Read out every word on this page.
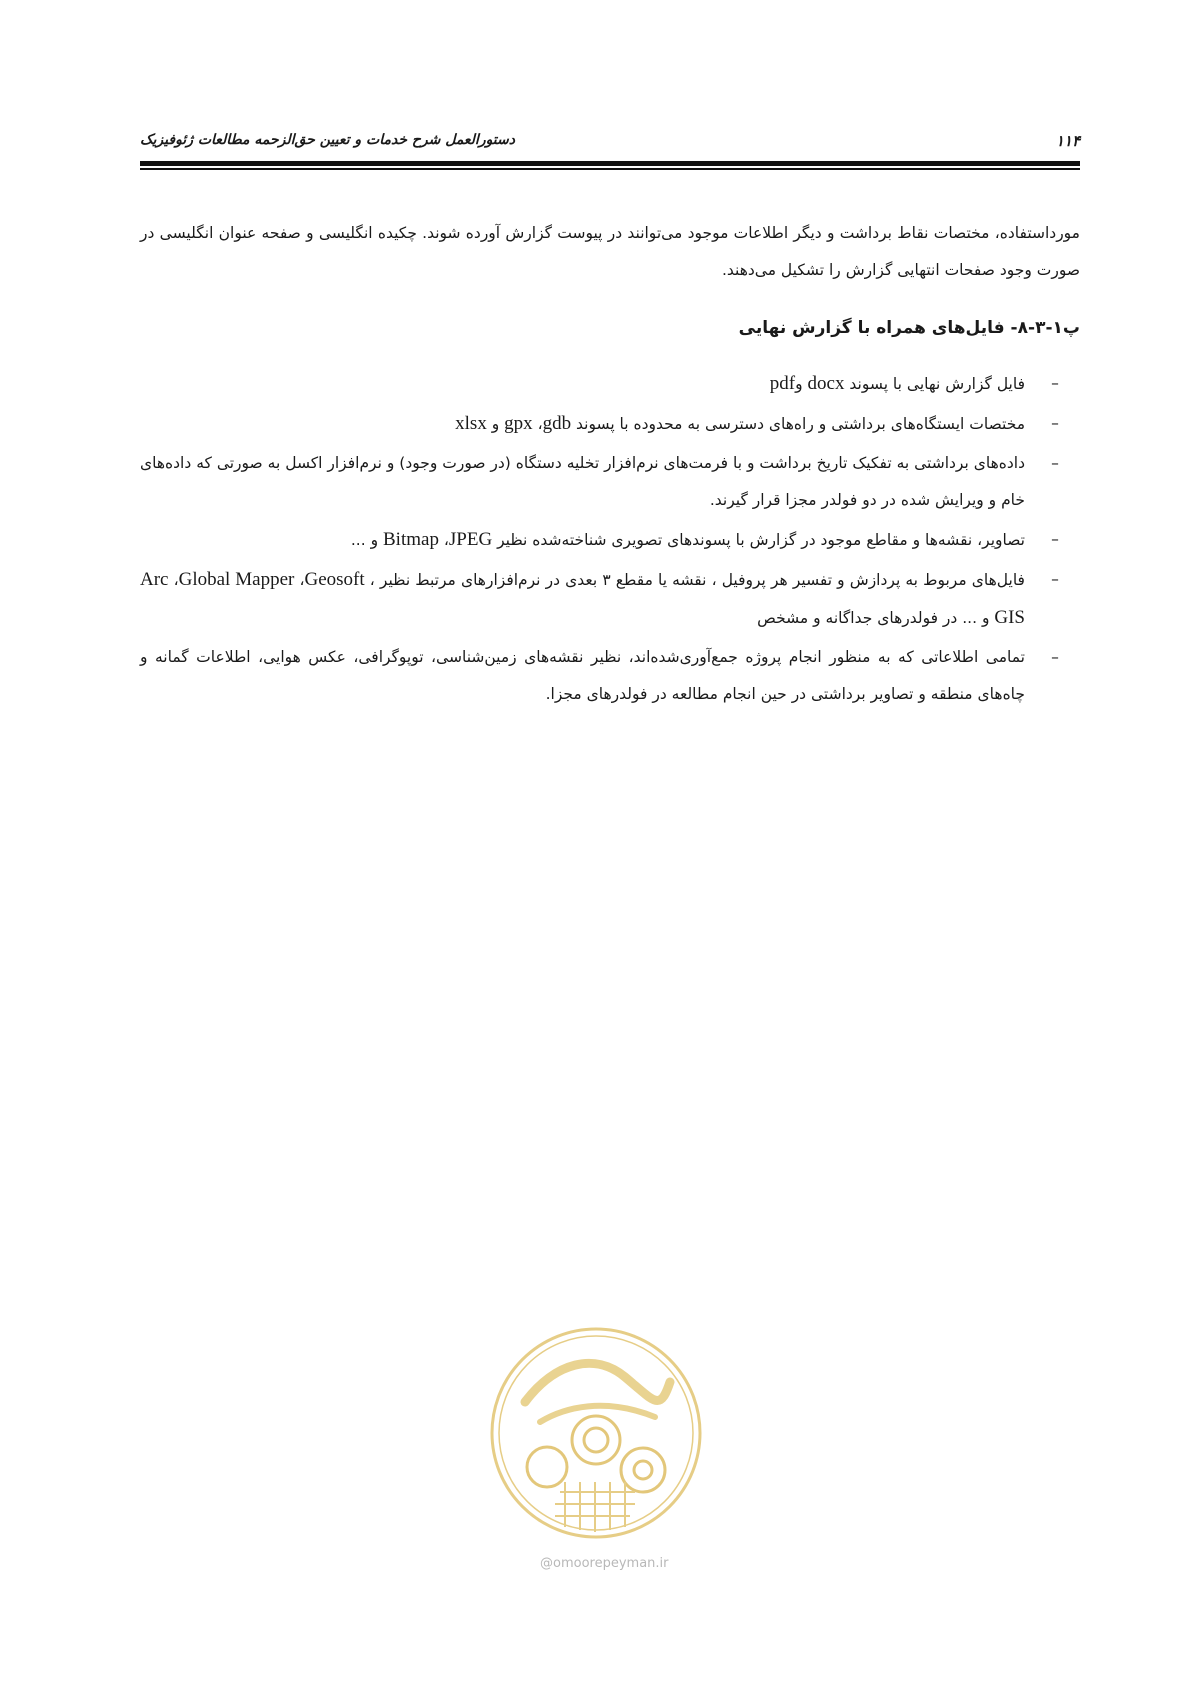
۱۱۴
دستورالعمل شرح خدمات و تعیین حق‌الزحمه مطالعات ژئوفیزیک

مورداستفاده، مختصات نقاط برداشت و دیگر اطلاعات موجود می‌توانند در پیوست گزارش آورده شوند. چکیده انگلیسی و صفحه عنوان انگلیسی در صورت وجود صفحات انتهایی گزارش را تشکیل می‌دهند.

پ۱-۳-۸- فایل‌های همراه با گزارش نهایی
–
فایل گزارش نهایی با پسوند docx وpdf
–
مختصات ایستگاه‌های برداشتی و راه‌های دسترسی به محدوده با پسوند gdb، gpx و xlsx
–
داده‌های برداشتی به تفکیک تاریخ برداشت و با فرمت‌های نرم‌افزار تخلیه دستگاه (در صورت وجود) و نرم‌افزار اکسل به صورتی که داده‌های خام و ویرایش شده در دو فولدر مجزا قرار گیرند.
–
تصاویر، نقشه‌ها و مقاطع موجود در گزارش با پسوندهای تصویری شناخته‌شده نظیر JPEG، Bitmap و ...
–
فایل‌های مربوط به پردازش و تفسیر هر پروفیل ، نقشه یا مقطع ۳ بعدی در نرم‌افزارهای مرتبط نظیر ، Geosoft، Global Mapper، Arc GIS و ... در فولدرهای جداگانه و مشخص
–
تمامی اطلاعاتی که به منظور انجام پروژه جمع‌آوری‌شده‌اند، نظیر نقشه‌های زمین‌شناسی، توپوگرافی، عکس هوایی، اطلاعات گمانه و چاه‌های منطقه و تصاویر برداشتی در حین انجام مطالعه در فولدرهای مجزا.
@omoorepeyman.ir
